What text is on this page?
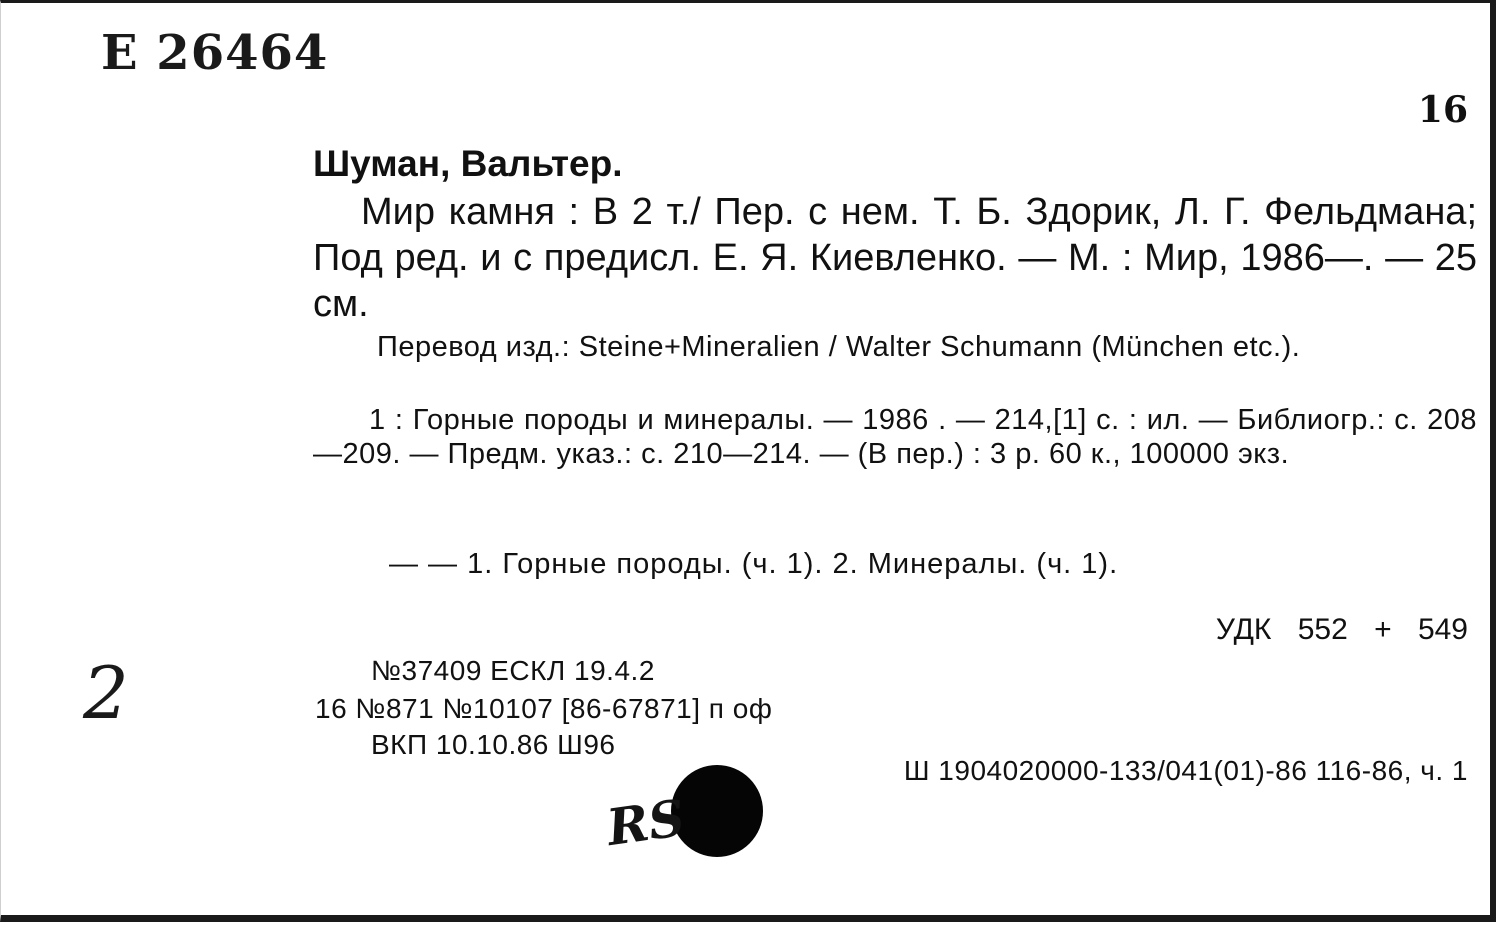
E 26464
16
Шуман, Вальтер.
Мир камня : В 2 т./ Пер. с нем. Т. Б. Здорик, Л. Г. Фельдмана; Под ред. и с предисл. Е. Я. Киевленко. — М. : Мир, 1986—. — 25 см.
Перевод изд.: Steine+Mineralien / Walter Schumann (München etc.).
1 : Горные породы и минералы. — 1986 . — 214,[1] с. : ил. — Библиогр.: с. 208—209. — Предм. указ.: с. 210—214. — (В пер.) : 3 р. 60 к., 100000 экз.
— — 1. Горные породы. (ч. 1). 2. Минералы. (ч. 1).
УДК 552 + 549
№37409 ЕСКЛ 19.4.2
16 №871 №10107 [86-67871] п оф
ВКП 10.10.86 Ш96
Ш 1904020000-133/041(01)-86 116-86, ч. 1
RS
2
